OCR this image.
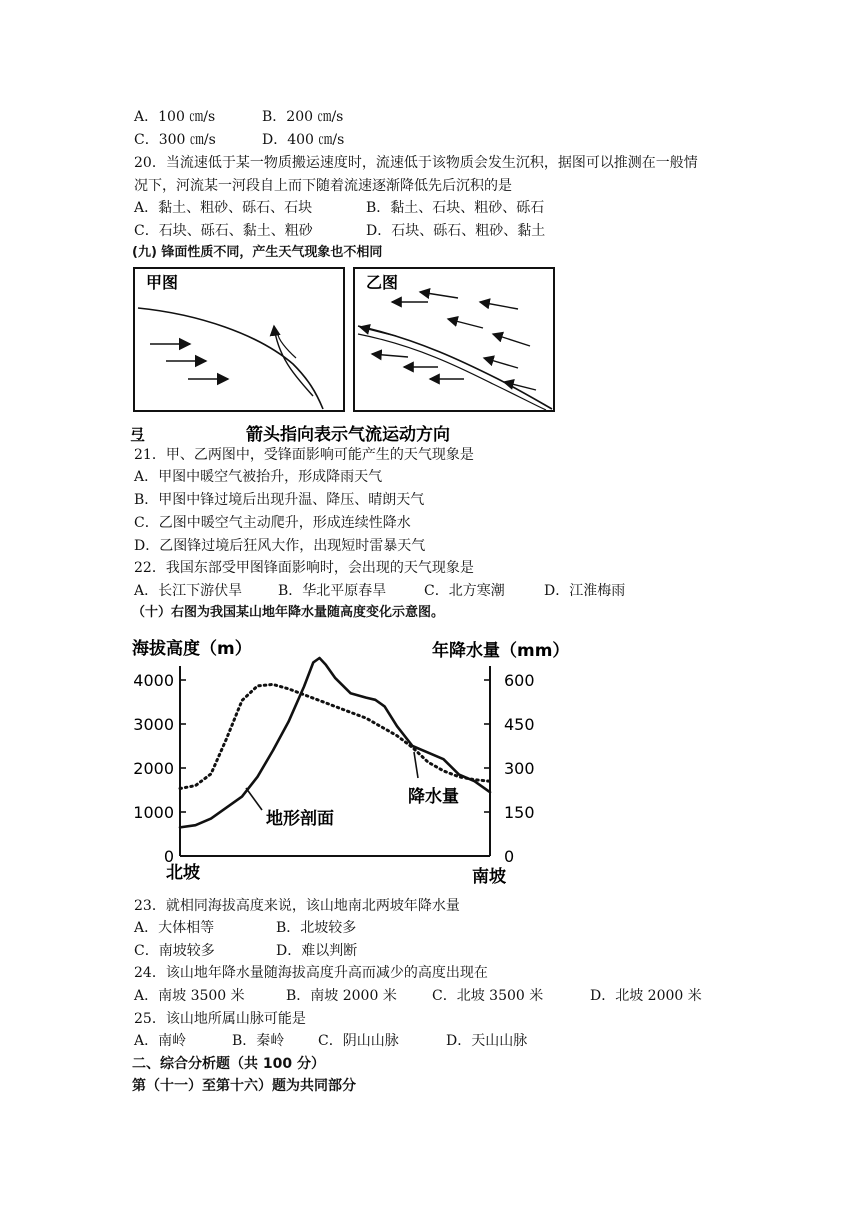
A．100 ㎝/s	B．200 ㎝/s
C．300 ㎝/s	D．400 ㎝/s
20．当流速低于某一物质搬运速度时，流速低于该物质会发生沉积，据图可以推测在一般情
况下，河流某一河段自上而下随着流速逐渐降低先后沉积的是
A．黏土、粗砂、砾石、石块	B．黏土、石块、粗砂、砾石
C．石块、砾石、黏土、粗砂	D．石块、砾石、粗砂、黏土
(九) 锋面性质不同，产生天气现象也不相同
甲图	乙图
弖	箭头指向表示气流运动方向
21．甲、乙两图中，受锋面影响可能产生的天气现象是
A．甲图中暖空气被抬升，形成降雨天气
B．甲图中锋过境后出现升温、降压、晴朗天气
C．乙图中暖空气主动爬升，形成连续性降水
D．乙图锋过境后狂风大作，出现短时雷暴天气
22．我国东部受甲图锋面影响时，会出现的天气现象是
A．长江下游伏旱	B．华北平原春旱	C．北方寒潮	D．江淮梅雨
（十）右图为我国某山地年降水量随高度变化示意图。
海拔高度（m）	年降水量（mm）
4000
3000
2000
1000
0
600
450
300
150
0
北坡	南坡
地形剖面
降水量
23．就相同海拔高度来说，该山地南北两坡年降水量
A．大体相等	B．北坡较多
C．南坡较多	D．难以判断
24．该山地年降水量随海拔高度升高而减少的高度出现在
A．南坡 3500 米	B．南坡 2000 米	C．北坡 3500 米	D．北坡 2000 米
25．该山地所属山脉可能是
A．南岭	B．秦岭 C．阴山山脉	D．天山山脉
二、综合分析题（共 100 分）
第（十一）至第十六）题为共同部分
